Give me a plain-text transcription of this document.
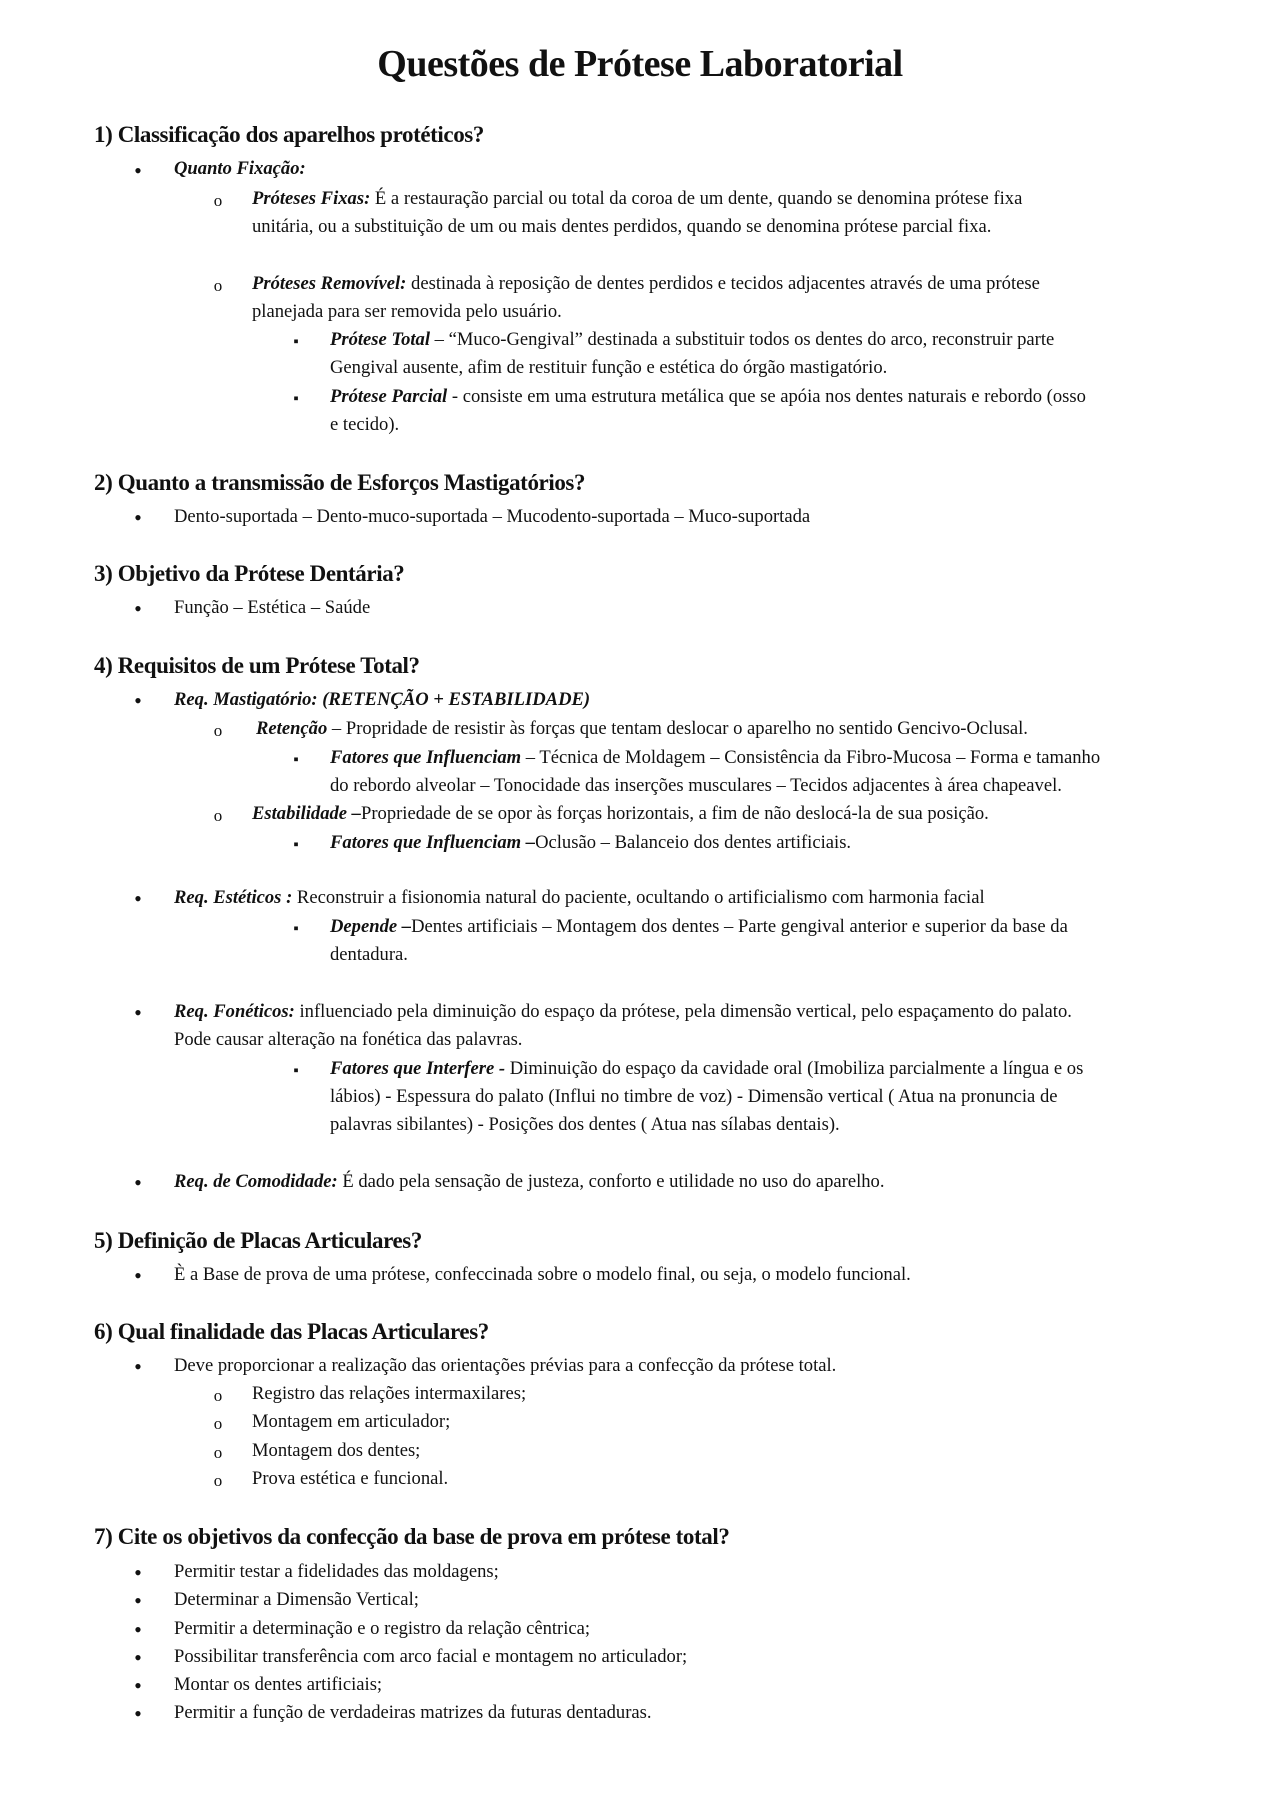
Questões de Prótese Laboratorial
1) Classificação dos aparelhos protéticos?
•
Quanto Fixação:
o
Próteses Fixas: É a restauração parcial ou total da coroa de um dente, quando se denomina prótese fixa
unitária, ou a substituição de um ou mais dentes perdidos, quando se denomina prótese parcial fixa.
o
Próteses Removível: destinada à reposição de dentes perdidos e tecidos adjacentes através de uma prótese
planejada para ser removida pelo usuário.
▪
Prótese Total – “Muco-Gengival” destinada a substituir todos os dentes do arco, reconstruir parte
Gengival ausente, afim de restituir função e estética do órgão mastigatório.
▪
Prótese Parcial - consiste em uma estrutura metálica que se apóia nos dentes naturais e rebordo (osso
e tecido).
2) Quanto a transmissão de Esforços Mastigatórios?
•
Dento-suportada – Dento-muco-suportada – Mucodento-suportada – Muco-suportada
3) Objetivo da Prótese Dentária?
•
Função – Estética – Saúde
4) Requisitos de um Prótese Total?
•
Req. Mastigatório: (RETENÇÃO + ESTABILIDADE)
o
Retenção – Propridade de resistir às forças que tentam deslocar o aparelho no sentido Gencivo-Oclusal.
▪
Fatores que Influenciam – Técnica de Moldagem – Consistência da Fibro-Mucosa – Forma e tamanho
do rebordo alveolar – Tonocidade das inserções musculares – Tecidos adjacentes à área chapeavel.
o
Estabilidade –Propriedade de se opor às forças horizontais, a fim de não deslocá-la de sua posição.
▪
Fatores que Influenciam –Oclusão – Balanceio dos dentes artificiais.
•
Req. Estéticos : Reconstruir a fisionomia natural do paciente, ocultando o artificialismo com harmonia facial
▪
Depende –Dentes artificiais – Montagem dos dentes – Parte gengival anterior e superior da base da
dentadura.
•
Req. Fonéticos: influenciado pela diminuição do espaço da prótese, pela dimensão vertical, pelo espaçamento do palato.
Pode causar alteração na fonética das palavras.
▪
Fatores que Interfere - Diminuição do espaço da cavidade oral (Imobiliza parcialmente a língua e os
lábios) - Espessura do palato (Influi no timbre de voz) - Dimensão vertical ( Atua na pronuncia de
palavras sibilantes) - Posições dos dentes ( Atua nas sílabas dentais).
•
Req. de Comodidade: É dado pela sensação de justeza, conforto e utilidade no uso do aparelho.
5) Definição de Placas Articulares?
•
È a Base de prova de uma prótese, confeccinada sobre o modelo final, ou seja, o modelo funcional.
6) Qual finalidade das Placas Articulares?
•
Deve proporcionar a realização das orientações prévias para a confecção da prótese total.
o
Registro das relações intermaxilares;
o
Montagem em articulador;
o
Montagem dos dentes;
o
Prova estética e funcional.
7) Cite os objetivos da confecção da base de prova em prótese total?
•
Permitir testar a fidelidades das moldagens;
•
Determinar a Dimensão Vertical;
•
Permitir a determinação e o registro da relação cêntrica;
•
Possibilitar transferência com arco facial e montagem no articulador;
•
Montar os dentes artificiais;
•
Permitir a função de verdadeiras matrizes da futuras dentaduras.
